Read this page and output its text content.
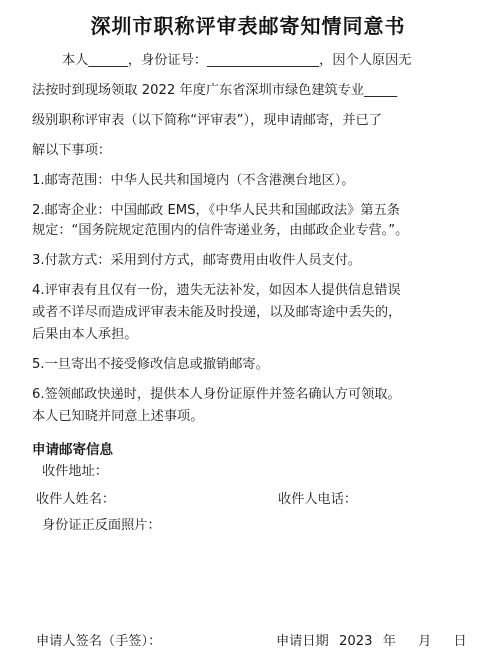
深圳市职称评审表邮寄知情同意书
本人______，身份证号：_________________，因个人原因无
法按时到现场领取 2022 年度广东省深圳市绿色建筑专业_____
级别职称评审表（以下简称“评审表”），现申请邮寄，并已了
解以下事项：
1.邮寄范围：中华人民共和国境内（不含港澳台地区）。
2.邮寄企业：中国邮政 EMS，《中华人民共和国邮政法》第五条
规定：“国务院规定范围内的信件寄递业务，由邮政企业专营。”。
3.付款方式：采用到付方式，邮寄费用由收件人员支付。
4.评审表有且仅有一份，遗失无法补发，如因本人提供信息错误
或者不详尽而造成评审表未能及时投递，以及邮寄途中丢失的，
后果由本人承担。
5.一旦寄出不接受修改信息或撤销邮寄。
6.签领邮政快递时，提供本人身份证原件并签名确认方可领取。
本人已知晓并同意上述事项。
申请邮寄信息
收件地址：
收件人姓名：	收件人电话：
身份证正反面照片：
申请人签名（手签）：	申请日期 2023 年 月 日
